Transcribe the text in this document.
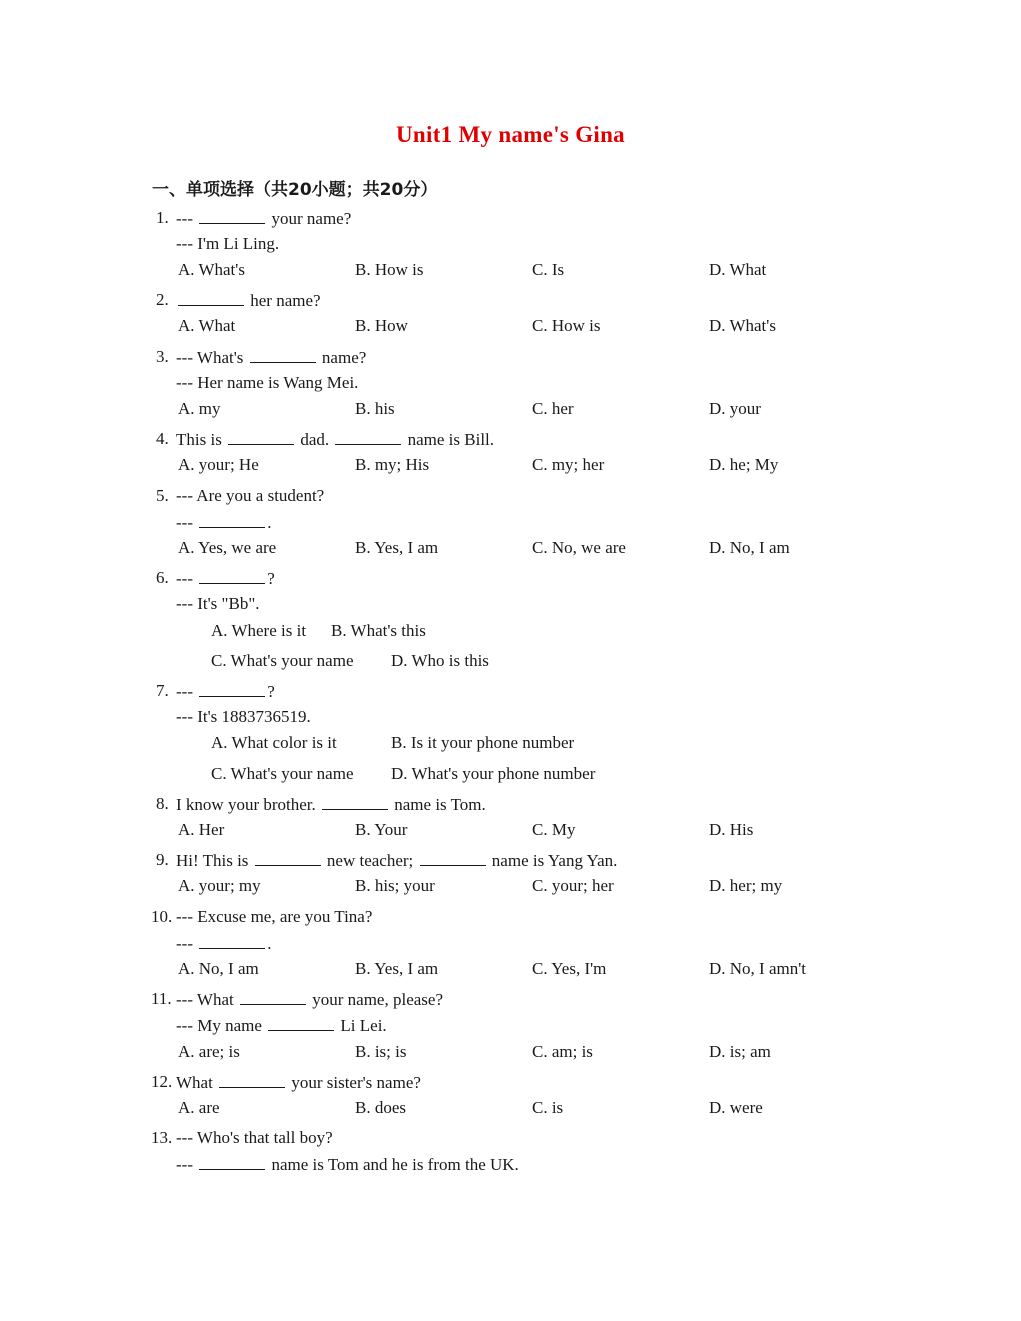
Unit1 My name's Gina
一、单项选择（共20小题；共20分）
1. ---	your name?
--- I'm Li Ling.
A. What's	B. How is	C. Is	D. What
2.	her name?
A. What	B. How	C. How is	D. What's
3. --- What's	name?
--- Her name is Wang Mei.
A. my	B. his	C. her	D. your
4. This is	dad.	name is Bill.
A. your; He	B. my; His	C. my; her	D. he; My
5. --- Are you a student?
---	.
A. Yes, we are	B. Yes, I am	C. No, we are	D. No, I am
6. ---	?
--- It's "Bb".
A. Where is it B. What's this
C. What's your name D. Who is this
7. ---	?
--- It's 1883736519.
A. What color is it	B. Is it your phone number
C. What's your name D. What's your phone number
8. I know your brother.	name is Tom.
A. Her	B. Your	C. My	D. His
9. Hi! This is	new teacher;	name is Yang Yan.
A. your; my	B. his; your	C. your; her	D. her; my
10. --- Excuse me, are you Tina?
---	.
A. No, I am	B. Yes, I am	C. Yes, I'm	D. No, I amn't
11. --- What	your name, please?
--- My name	Li Lei.
A. are; is	B. is; is	C. am; is	D. is; am
12. What	your sister's name?
A. are	B. does	C. is	D. were
13. --- Who's that tall boy?
---	name is Tom and he is from the UK.
